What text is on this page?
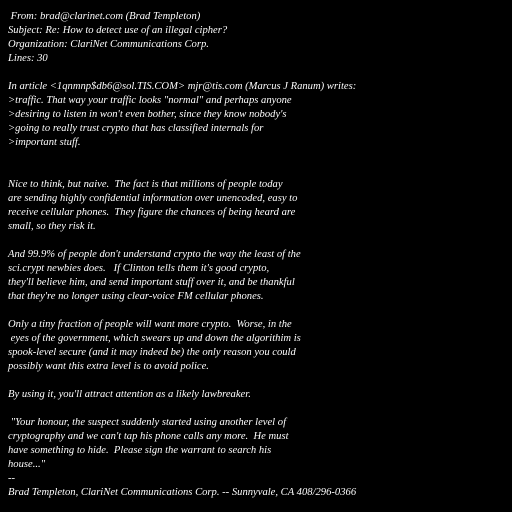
From: brad@clarinet.com (Brad Templeton)
Subject: Re: How to detect use of an illegal cipher?
Organization: ClariNet Communications Corp.
Lines: 30
In article <1qnmnp$db6@sol.TIS.COM> mjr@tis.com (Marcus J Ranum) writes:
>traffic. That way your traffic looks "normal" and perhaps anyone
>desiring to listen in won't even bother, since they know nobody's
>going to really trust crypto that has classified internals for
>important stuff.
Nice to think, but naive.  The fact is that millions of people today
are sending highly confidential information over unencoded, easy to
receive cellular phones.  They figure the chances of being heard are
small, so they risk it.
And 99.9% of people don't understand crypto the way the least of the
sci.crypt newbies does.   If Clinton tells them it's good crypto,
they'll believe him, and send important stuff over it, and be thankful
that they're no longer using clear-voice FM cellular phones.
Only a tiny fraction of people will want more crypto.  Worse, in the
eyes of the government, which swears up and down the algorithim is
spook-level secure (and it may indeed be) the only reason you could
possibly want this extra level is to avoid police.
By using it, you'll attract attention as a likely lawbreaker.
"Your honour, the suspect suddenly started using another level of
cryptography and we can't tap his phone calls any more.  He must
have something to hide.  Please sign the warrant to search his
house..."
--
Brad Templeton, ClariNet Communications Corp. -- Sunnyvale, CA 408/296-0366
